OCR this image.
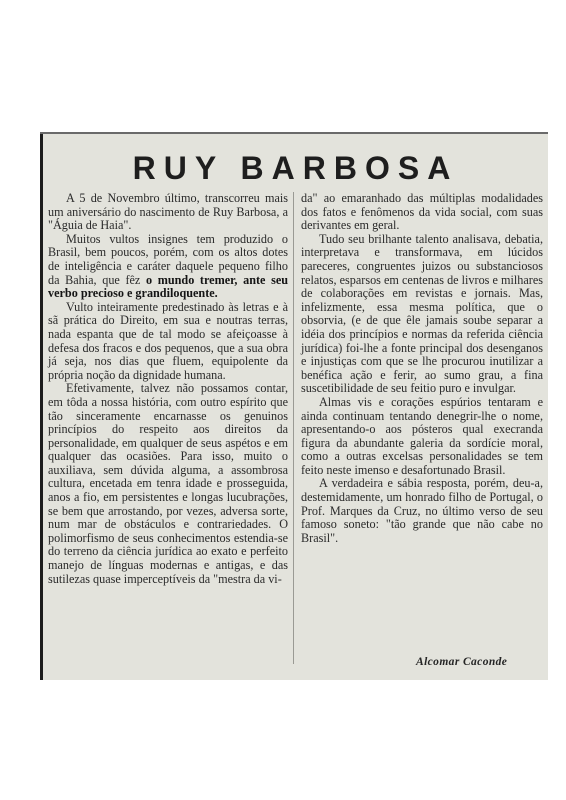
RUY BARBOSA

A 5 de Novembro último, transcorreu mais um aniversário do nascimento de Ruy Barbosa, a "Águia de Haia".

Muitos vultos insignes tem produzido o Brasil, bem poucos, porém, com os altos dotes de inteligência e caráter daquele pequeno filho da Bahia, que fêz o mundo tremer, ante seu verbo precioso e grandiloquente.

Vulto inteiramente predestinado às letras e à sã prática do Direito, em sua e noutras terras, nada espanta que de tal modo se afeiçoasse à defesa dos fracos e dos pequenos, que a sua obra já seja, nos dias que fluem, equipolente da própria noção da dignidade humana.

Efetivamente, talvez não possamos contar, em tôda a nossa história, com outro espírito que tão sinceramente encarnasse os genuinos princípios do respeito aos direitos da personalidade, em qualquer de seus aspétos e em qualquer das ocasiões. Para isso, muito o auxiliava, sem dúvida alguma, a assombrosa cultura, encetada em tenra idade e prosseguida, anos a fio, em persistentes e longas lucubrações, se bem que arrostando, por vezes, adversa sorte, num mar de obstáculos e contrariedades. O polimorfismo de seus conhecimentos estendia-se do terreno da ciência jurídica ao exato e perfeito manejo de línguas modernas e antigas, e das sutilezas quase imperceptíveis da "mestra da vi-

da" ao emaranhado das múltiplas modalidades dos fatos e fenômenos da vida social, com suas derivantes em geral.

Tudo seu brilhante talento analisava, debatia, interpretava e transformava, em lúcidos pareceres, congruentes juizos ou substanciosos relatos, esparsos em centenas de livros e milhares de colaborações em revistas e jornais. Mas, infelizmente, essa mesma política, que o obsorvia, (e de que êle jamais soube separar a idéia dos princípios e normas da referida ciência jurídica) foi-lhe a fonte principal dos desenganos e injustiças com que se lhe procurou inutilizar a benéfica ação e ferir, ao sumo grau, a fina suscetibilidade de seu feitio puro e invulgar.

Almas vis e corações espúrios tentaram e ainda continuam tentando denegrir-lhe o nome, apresentando-o aos pósteros qual execranda figura da abundante galeria da sordície moral, como a outras excelsas personalidades se tem feito neste imenso e desafortunado Brasil.

A verdadeira e sábia resposta, porém, deu-a, destemidamente, um honrado filho de Portugal, o Prof. Marques da Cruz, no último verso de seu famoso soneto: "tão grande que não cabe no Brasil".

Alcomar Caconde
